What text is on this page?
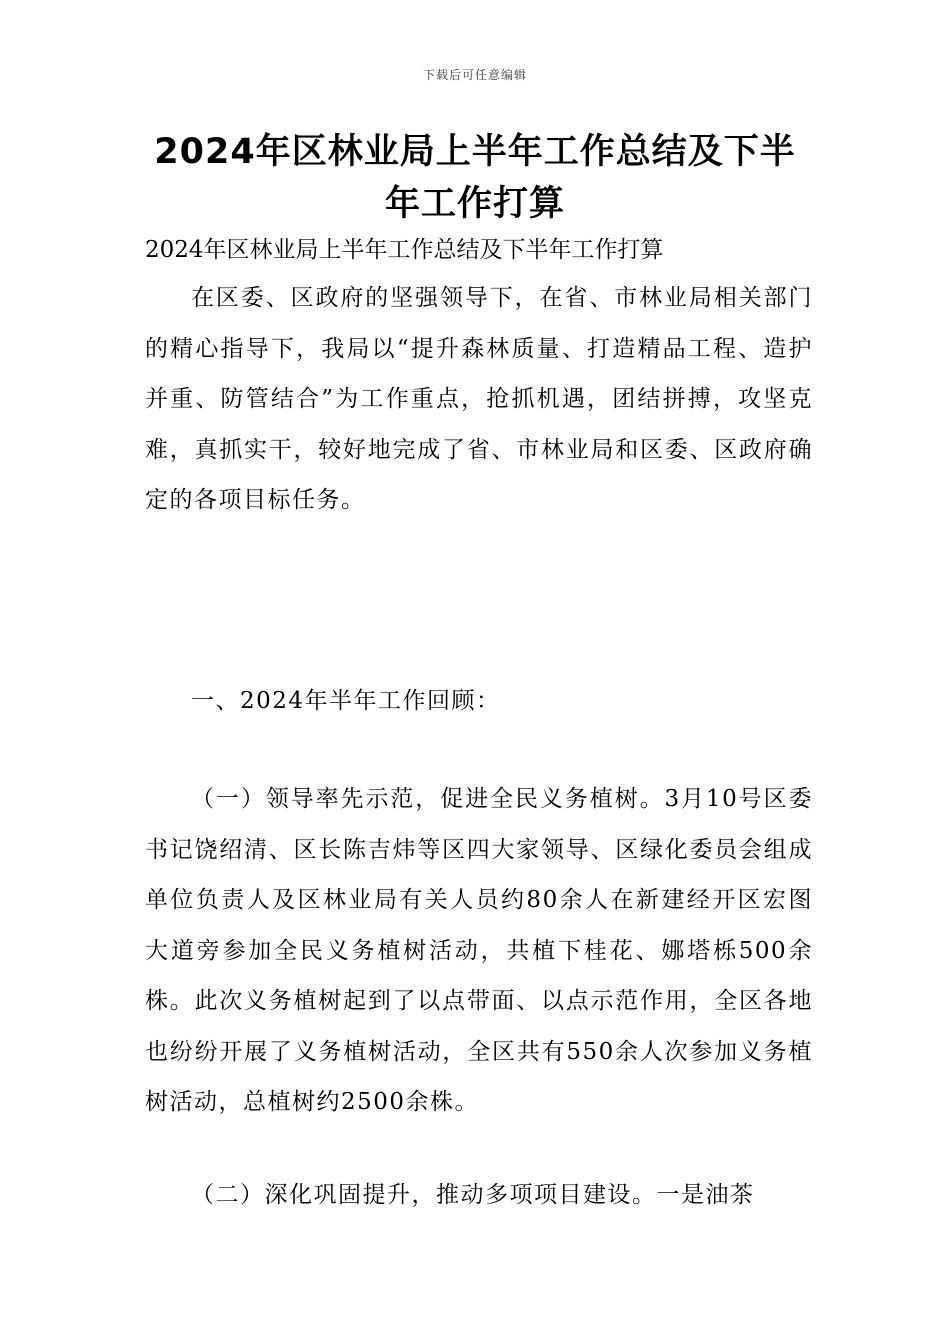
下载后可任意编辑
2024年区林业局上半年工作总结及下半年工作打算
2024年区林业局上半年工作总结及下半年工作打算

在区委、区政府的坚强领导下，在省、市林业局相关部门的精心指导下，我局以“提升森林质量、打造精品工程、造护并重、防管结合”为工作重点，抢抓机遇，团结拼搏，攻坚克难，真抓实干，较好地完成了省、市林业局和区委、区政府确定的各项目标任务。

一、2024年半年工作回顾：

（一）领导率先示范，促进全民义务植树。3月10号区委书记饶绍清、区长陈吉炜等区四大家领导、区绿化委员会组成单位负责人及区林业局有关人员约80余人在新建经开区宏图大道旁参加全民义务植树活动，共植下桂花、娜塔栎500余株。此次义务植树起到了以点带面、以点示范作用，全区各地也纷纷开展了义务植树活动，全区共有550余人次参加义务植树活动，总植树约2500余株。

（二）深化巩固提升，推动多项项目建设。一是油茶
